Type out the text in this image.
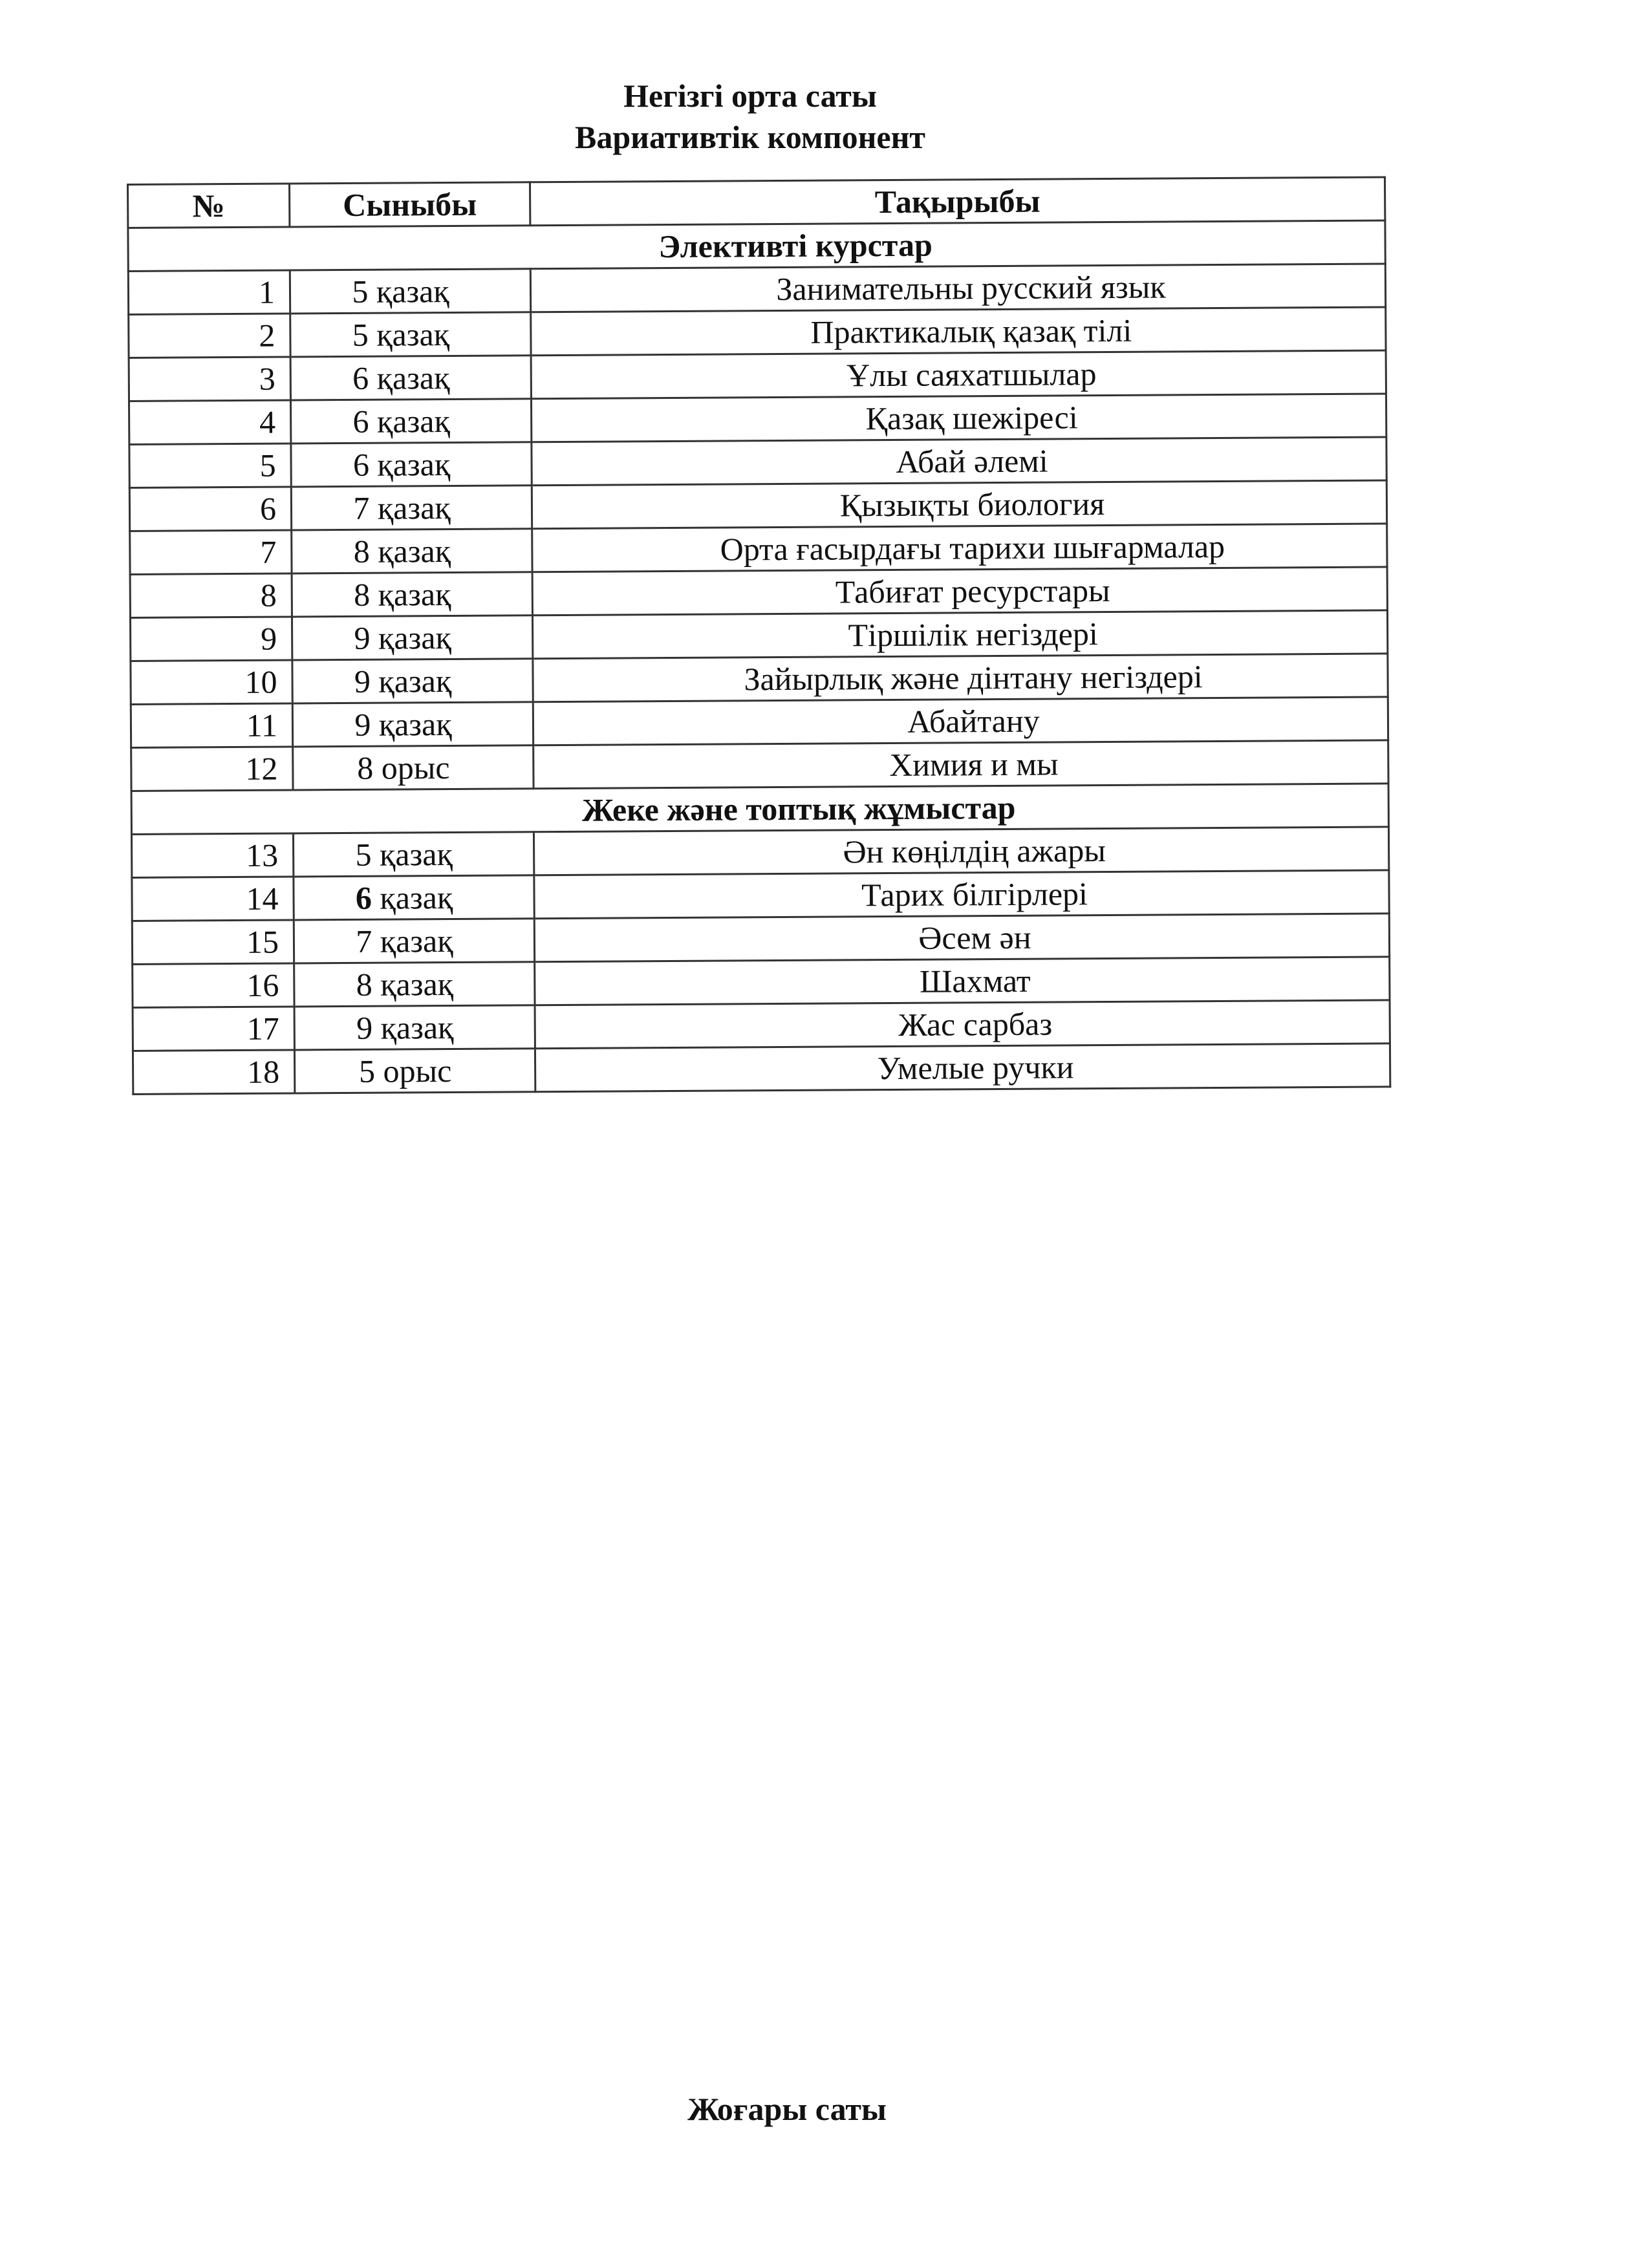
Негізгі орта саты
Вариативтік компонент
№	Сыныбы	Тақырыбы
Элективті курстар		
1	5 қазақ	Занимательны русский язык
2	5 қазақ	Практикалық қазақ тілі
3	6 қазақ	Ұлы саяхатшылар
4	6 қазақ	Қазақ шежіресі
5	6 қазақ	Абай әлемі
6	7 қазақ	Қызықты биология
7	8 қазақ	Орта ғасырдағы тарихи шығармалар
8	8 қазақ	Табиғат ресурстары
9	9 қазақ	Тіршілік негіздері
10	9 қазақ	Зайырлық және дінтану негіздері
11	9 қазақ	Абайтану
12	8 орыс	Химия и мы
Жеке және топтық жұмыстар		
13	5 қазақ	Ән көңілдің ажары
14	6 қазақ	Тарих білгірлері
15	7 қазақ	Әсем ән
16	8 қазақ	Шахмат
17	9 қазақ	Жас сарбаз
18	5 орыс	Умелые ручки
Жоғары саты
